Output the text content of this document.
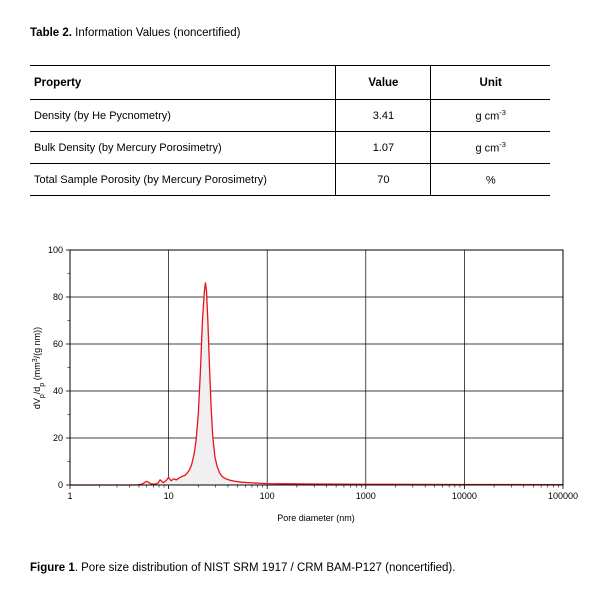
Table 2. Information Values (noncertified)
Property	Value	Unit
Density (by He Pycnometry)	3.41	g $cm^{-3}$
Bulk Density (by Mercury Porosimetry)	1.07	g $cm^{-3}$
Total Sample Porosity (by Mercury Porosimetry)	70	%
1	10	100	1000	10000	100000
0
20
40
60
80
100
$dV_p/d_p$ ($mm^3/(g$ nm))
Pore diameter (nm)
Figure 1. Pore size distribution of NIST SRM 1917 / CRM BAM-P127 (noncertified).
